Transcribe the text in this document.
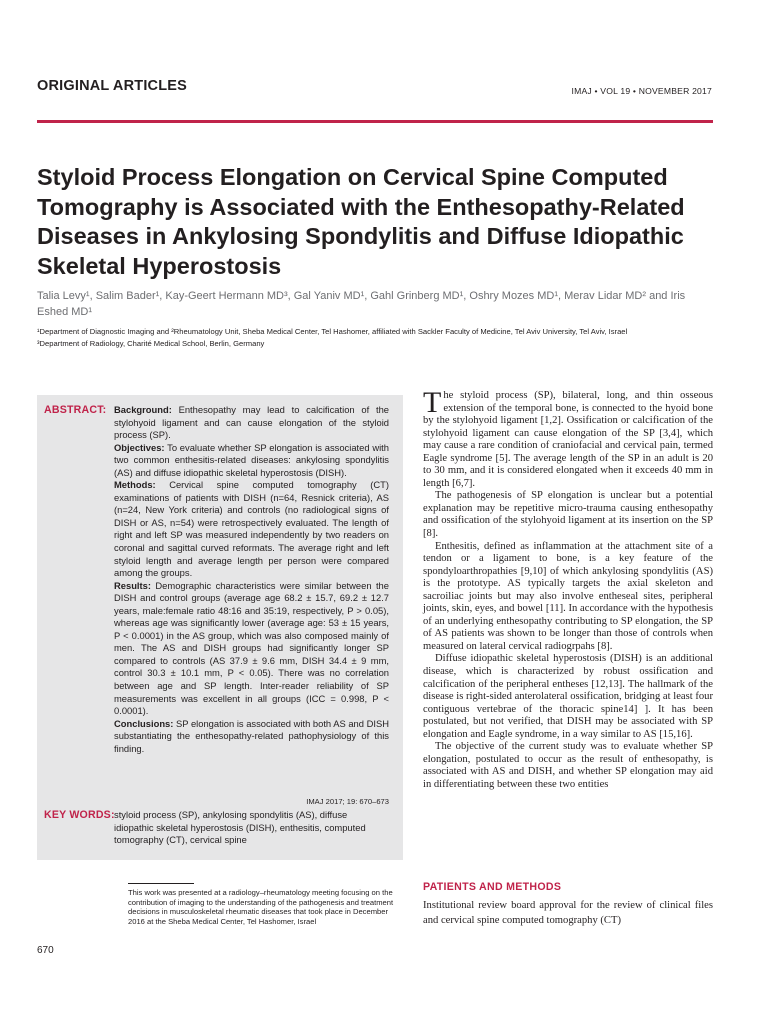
ORIGINAL ARTICLES	IMAJ • VOL 19 • NOVEMBER 2017
Styloid Process Elongation on Cervical Spine Computed Tomography is Associated with the Enthesopathy-Related Diseases in Ankylosing Spondylitis and Diffuse Idiopathic Skeletal Hyperostosis
Talia Levy¹, Salim Bader¹, Kay-Geert Hermann MD³, Gal Yaniv MD¹, Gahl Grinberg MD¹, Oshry Mozes MD¹, Merav Lidar MD² and Iris Eshed MD¹
¹Department of Diagnostic Imaging and ²Rheumatology Unit, Sheba Medical Center, Tel Hashomer, affiliated with Sackler Faculty of Medicine, Tel Aviv University, Tel Aviv, Israel
³Department of Radiology, Charité Medical School, Berlin, Germany
ABSTRACT: Background: Enthesopathy may lead to calcification of the stylohyoid ligament and can cause elongation of the styloid process (SP).

Objectives: To evaluate whether SP elongation is associated with two common enthesitis-related diseases: ankylosing spondylitis (AS) and diffuse idiopathic skeletal hyperostosis (DISH).

Methods: Cervical spine computed tomography (CT) examinations of patients with DISH (n=64, Resnick criteria), AS (n=24, New York criteria) and controls (no radiological signs of DISH or AS, n=54) were retrospectively evaluated. The length of right and left SP was measured independently by two readers on coronal and sagittal curved reformats. The average right and left styloid length and average length per person were compared among the groups.

Results: Demographic characteristics were similar between the DISH and control groups (average age 68.2 ± 15.7, 69.2 ± 12.7 years, male:female ratio 48:16 and 35:19, respectively, P > 0.05), whereas age was significantly lower (average age: 53 ± 15 years, P < 0.0001) in the AS group, which was also composed mainly of men. The AS and DISH groups had significantly longer SP compared to controls (AS 37.9 ± 9.6 mm, DISH 34.4 ± 9 mm, control 30.3 ± 10.1 mm, P < 0.05). There was no correlation between age and SP length. Inter-reader reliability of SP measurements was excellent in all groups (ICC = 0.998, P < 0.0001).

Conclusions: SP elongation is associated with both AS and DISH substantiating the enthesopathy-related pathophysiology of this finding.

IMAJ 2017; 19: 670–673
KEY WORDS: styloid process (SP), ankylosing spondylitis (AS), diffuse idiopathic skeletal hyperostosis (DISH), enthesitis, computed tomography (CT), cervical spine
This work was presented at a radiology–rheumatology meeting focusing on the contribution of imaging to the understanding of the pathogenesis and treatment decisions in musculoskeletal rheumatic diseases that took place in December 2016 at the Sheba Medical Center, Tel Hashomer, Israel
670

The styloid process (SP), bilateral, long, and thin osseous extension of the temporal bone, is connected to the hyoid bone by the stylohyoid ligament [1,2]. Ossification or calcification of the stylohyoid ligament can cause elongation of the SP [3,4], which may cause a rare condition of craniofacial and cervical pain, termed Eagle syndrome [5]. The average length of the SP in an adult is 20 to 30 mm, and it is considered elongated when it exceeds 40 mm in length [6,7].

The pathogenesis of SP elongation is unclear but a potential explanation may be repetitive micro-trauma causing enthesopathy and ossification of the stylohyoid ligament at its insertion on the SP [8].

Enthesitis, defined as inflammation at the attachment site of a tendon or a ligament to bone, is a key feature of the spondyloarthropathies [9,10] of which ankylosing spondylitis (AS) is the prototype. AS typically targets the axial skeleton and sacroiliac joints but may also involve entheseal sites, peripheral joints, skin, eyes, and bowel [11]. In accordance with the hypothesis of an underlying enthesopathy contributing to SP elongation, the SP of AS patients was shown to be longer than those of controls when measured on lateral cervical radiogrpahs [8].

Diffuse idiopathic skeletal hyperostosis (DISH) is an additional disease, which is characterized by robust ossification and calcification of the peripheral entheses [12,13]. The hallmark of the disease is right-sided anterolateral ossification, bridging at least four contiguous vertebrae of the thoracic spine14] ]. It has been postulated, but not verified, that DISH may be associated with SP elongation and Eagle syndrome, in a way similar to AS [15,16].

The objective of the current study was to evaluate whether SP elongation, postulated to occur as the result of enthesopathy, is associated with AS and DISH, and whether SP elongation may aid in differentiating between these two entities

PATIENTS AND METHODS
Institutional review board approval for the review of clinical files and cervical spine computed tomography (CT)
